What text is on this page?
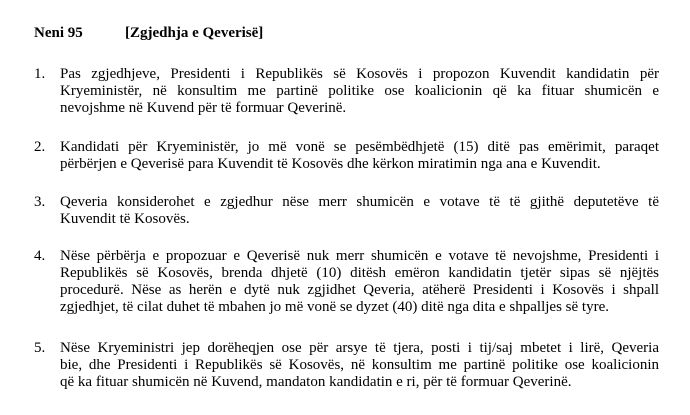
Neni 95	[Zgjedhja e Qeverisë]
1. Pas zgjedhjeve, Presidenti i Republikës së Kosovës i propozon Kuvendit kandidatin për
Kryeministër, në konsultim me partinë politike ose koalicionin që ka fituar shumicën e
nevojshme në Kuvend për të formuar Qeverinë.
2. Kandidati për Kryeministër, jo më vonë se pesëmbëdhjetë (15) ditë pas emërimit, paraqet
përbërjen e Qeverisë para Kuvendit të Kosovës dhe kërkon miratimin nga ana e Kuvendit.
3. Qeveria konsiderohet e zgjedhur nëse merr shumicën e votave të të gjithë deputetëve të
Kuvendit të Kosovës.
4. Nëse përbërja e propozuar e Qeverisë nuk merr shumicën e votave të nevojshme, Presidenti i
Republikës së Kosovës, brenda dhjetë (10) ditësh emëron kandidatin tjetër sipas së njëjtës
procedurë. Nëse as herën e dytë nuk zgjidhet Qeveria, atëherë Presidenti i Kosovës i shpall
zgjedhjet, të cilat duhet të mbahen jo më vonë se dyzet (40) ditë nga dita e shpalljes së tyre.
5. Nëse Kryeministri jep dorëheqjen ose për arsye të tjera, posti i tij/saj mbetet i lirë, Qeveria
bie, dhe Presidenti i Republikës së Kosovës, në konsultim me partinë politike ose koalicionin
që ka fituar shumicën në Kuvend, mandaton kandidatin e ri, për të formuar Qeverinë.
